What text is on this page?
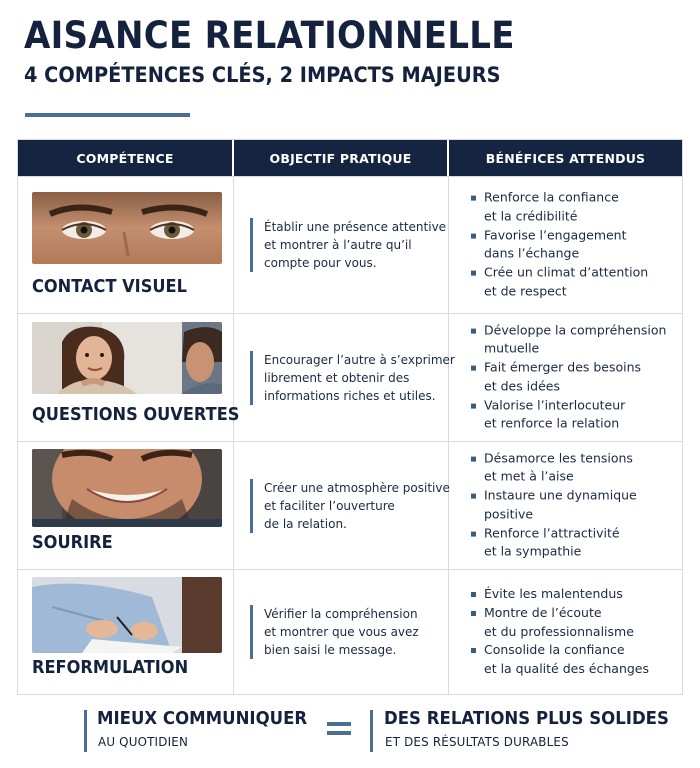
AISANCE RELATIONNELLE
4 COMPÉTENCES CLÉS, 2 IMPACTS MAJEURS
COMPÉTENCE	OBJECTIF PRATIQUE	BÉNÉFICES ATTENDUS
CONTACT VISUEL
Établir une présence attentive
et montrer à l’autre qu’il
compte pour vous.
Renforce la confiance
et la crédibilité
Favorise l’engagement
dans l’échange
Crée un climat d’attention
et de respect
QUESTIONS OUVERTES
Encourager l’autre à s’exprimer
librement et obtenir des
informations riches et utiles.
Développe la compréhension
mutuelle
Fait émerger des besoins
et des idées
Valorise l’interlocuteur
et renforce la relation
SOURIRE
Créer une atmosphère positive
et faciliter l’ouverture
de la relation.
Désamorce les tensions
et met à l’aise
Instaure une dynamique
positive
Renforce l’attractivité
et la sympathie
REFORMULATION
Vérifier la compréhension
et montrer que vous avez
bien saisi le message.
Évite les malentendus
Montre de l’écoute
et du professionnalisme
Consolide la confiance
et la qualité des échanges
MIEUX COMMUNIQUER
AU QUOTIDIEN
DES RELATIONS PLUS SOLIDES
ET DES RÉSULTATS DURABLES
